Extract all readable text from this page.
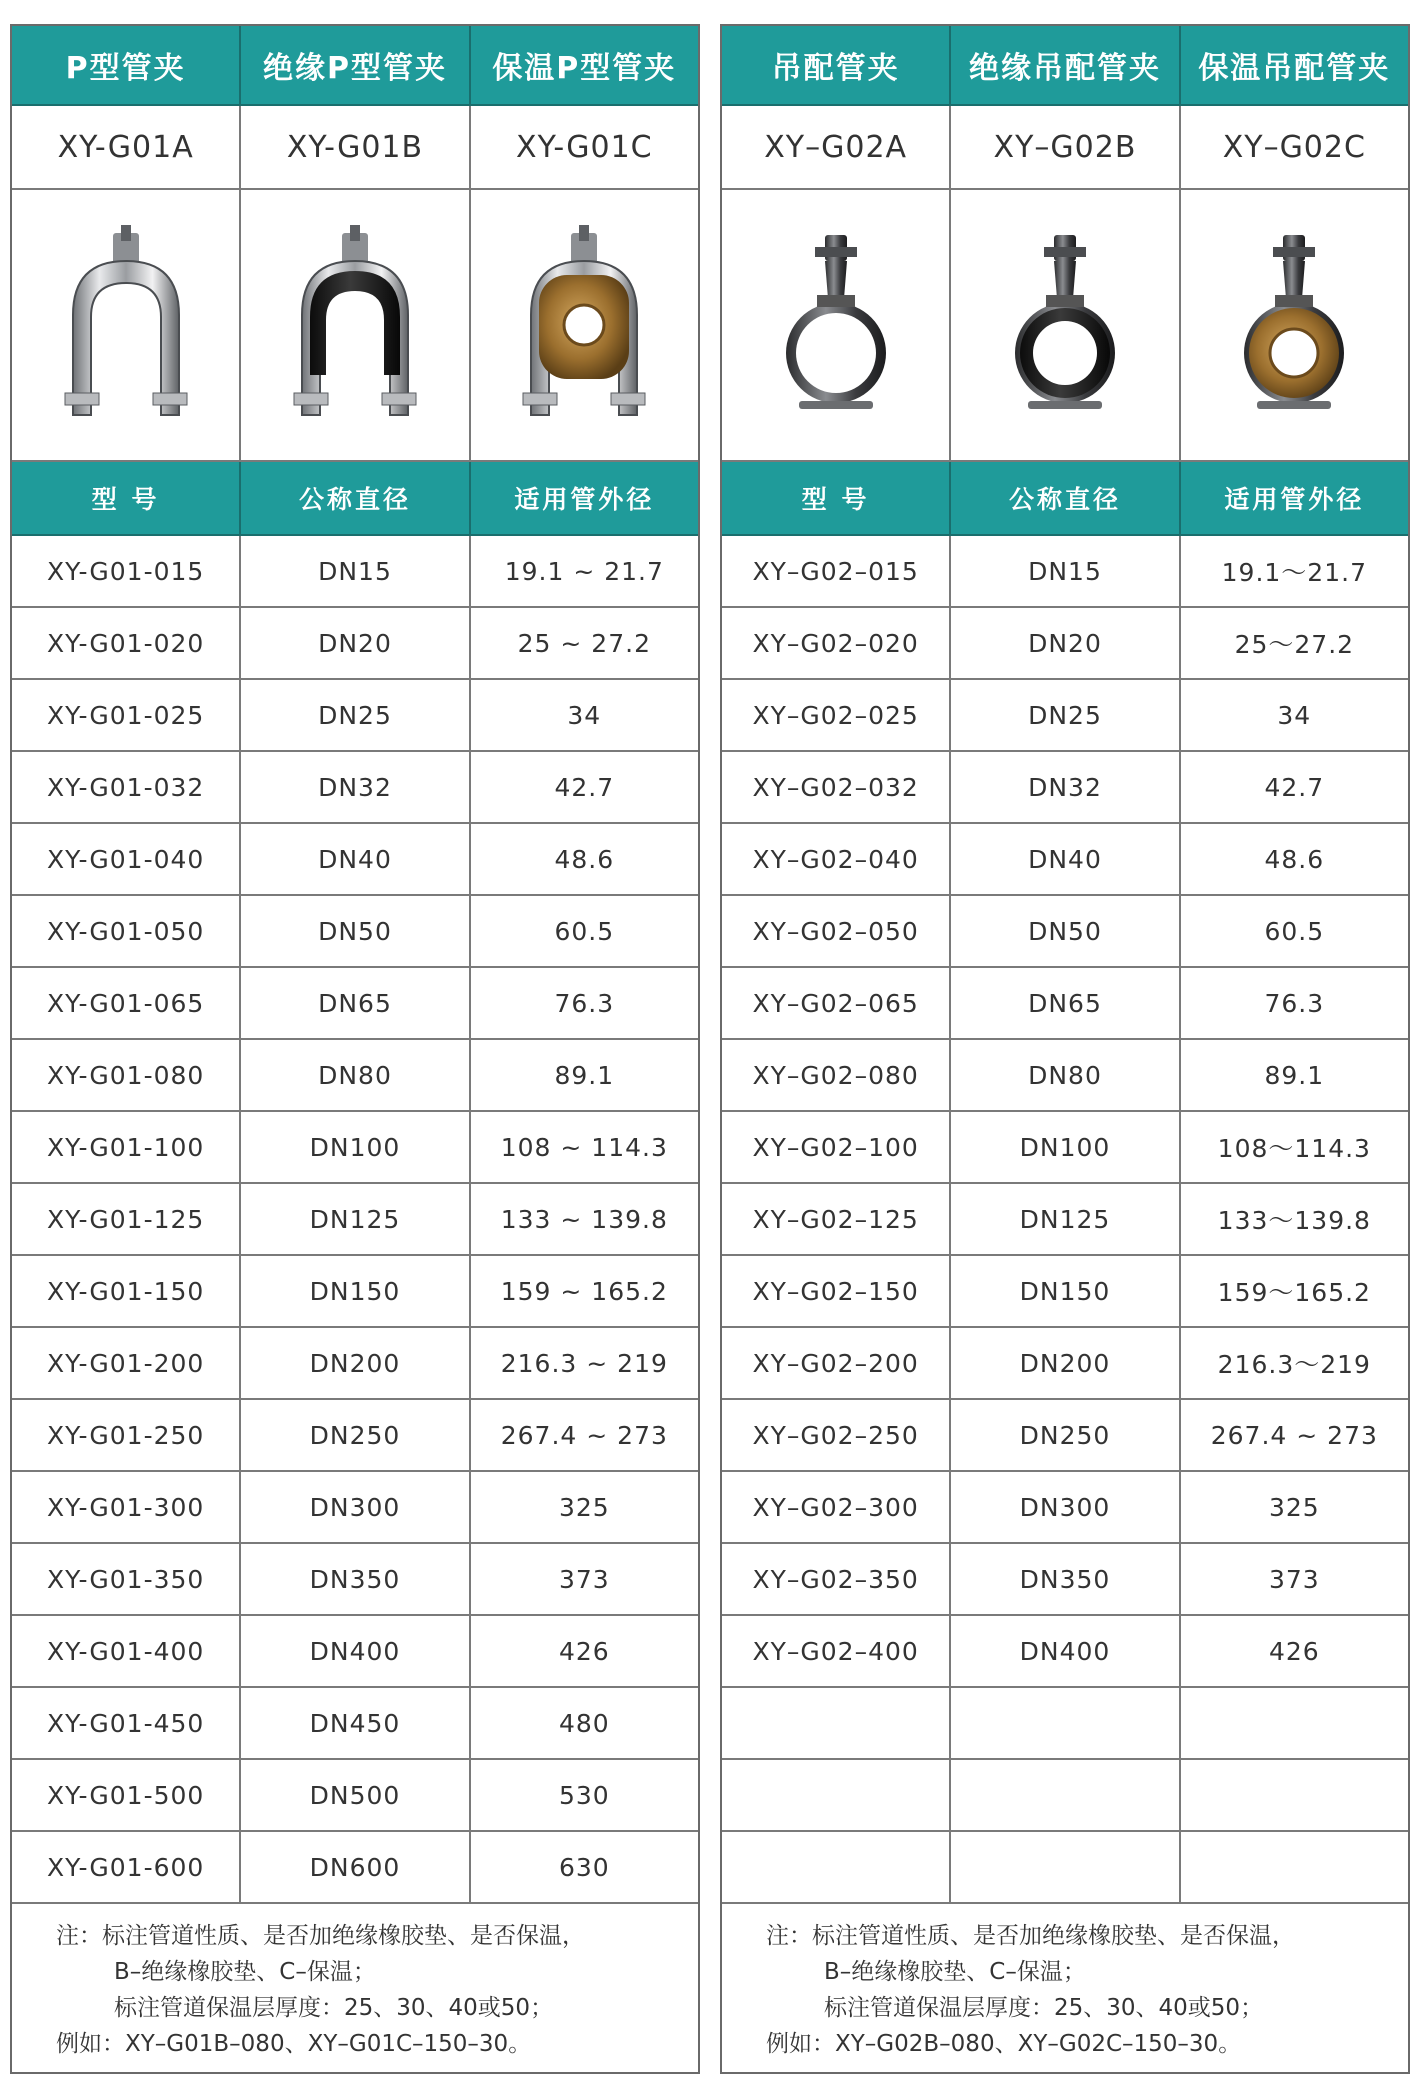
P型管夹	绝缘P型管夹	保温P型管夹
XY-G01A	XY-G01B	XY-G01C
型 号	公称直径	适用管外径
XY-G01-015	DN15	19.1 ~ 21.7
XY-G01-020	DN20	25 ~ 27.2
XY-G01-025	DN25	34
XY-G01-032	DN32	42.7
XY-G01-040	DN40	48.6
XY-G01-050	DN50	60.5
XY-G01-065	DN65	76.3
XY-G01-080	DN80	89.1
XY-G01-100	DN100	108 ~ 114.3
XY-G01-125	DN125	133 ~ 139.8
XY-G01-150	DN150	159 ~ 165.2
XY-G01-200	DN200	216.3 ~ 219
XY-G01-250	DN250	267.4 ~ 273
XY-G01-300	DN300	325
XY-G01-350	DN350	373
XY-G01-400	DN400	426
XY-G01-450	DN450	480
XY-G01-500	DN500	530
XY-G01-600	DN600	630
注：标注管道性质、是否加绝缘橡胶垫、是否保温，
B–绝缘橡胶垫、C–保温；
标注管道保温层厚度：25、30、40或50；
例如：XY–G01B–080、XY–G01C–150–30。
吊配管夹	绝缘吊配管夹	保温吊配管夹
XY–G02A	XY–G02B	XY–G02C
型 号	公称直径	适用管外径
XY–G02–015	DN15	19.1～21.7
XY–G02–020	DN20	25～27.2
XY–G02–025	DN25	34
XY–G02–032	DN32	42.7
XY–G02–040	DN40	48.6
XY–G02–050	DN50	60.5
XY–G02–065	DN65	76.3
XY–G02–080	DN80	89.1
XY–G02–100	DN100	108～114.3
XY–G02–125	DN125	133～139.8
XY–G02–150	DN150	159～165.2
XY–G02–200	DN200	216.3～219
XY–G02–250	DN250	267.4 ~ 273
XY–G02–300	DN300	325
XY–G02–350	DN350	373
XY–G02–400	DN400	426
注：标注管道性质、是否加绝缘橡胶垫、是否保温，
B–绝缘橡胶垫、C–保温；
标注管道保温层厚度：25、30、40或50；
例如：XY–G02B–080、XY–G02C–150–30。
